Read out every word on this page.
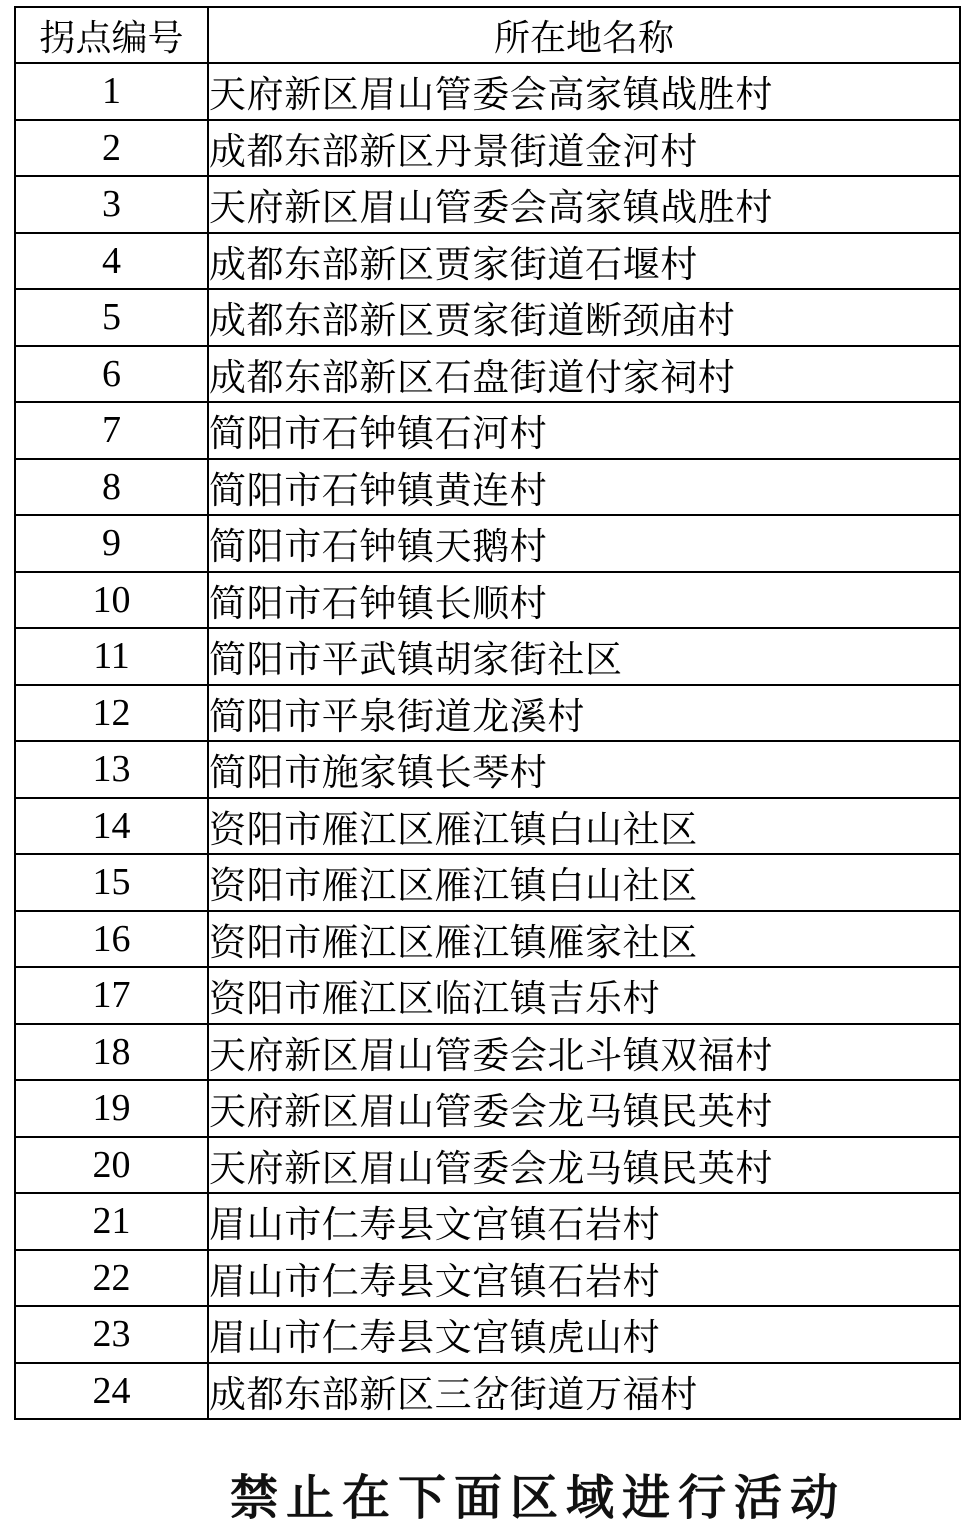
拐点编号	所在地名称
1	天府新区眉山管委会高家镇战胜村
2	成都东部新区丹景街道金河村
3	天府新区眉山管委会高家镇战胜村
4	成都东部新区贾家街道石堰村
5	成都东部新区贾家街道断颈庙村
6	成都东部新区石盘街道付家祠村
7	简阳市石钟镇石河村
8	简阳市石钟镇黄连村
9	简阳市石钟镇天鹅村
10	简阳市石钟镇长顺村
11	简阳市平武镇胡家街社区
12	简阳市平泉街道龙溪村
13	简阳市施家镇长琴村
14	资阳市雁江区雁江镇白山社区
15	资阳市雁江区雁江镇白山社区
16	资阳市雁江区雁江镇雁家社区
17	资阳市雁江区临江镇吉乐村
18	天府新区眉山管委会北斗镇双福村
19	天府新区眉山管委会龙马镇民英村
20	天府新区眉山管委会龙马镇民英村
21	眉山市仁寿县文宫镇石岩村
22	眉山市仁寿县文宫镇石岩村
23	眉山市仁寿县文宫镇虎山村
24	成都东部新区三岔街道万福村
禁止在下面区域进行活动
